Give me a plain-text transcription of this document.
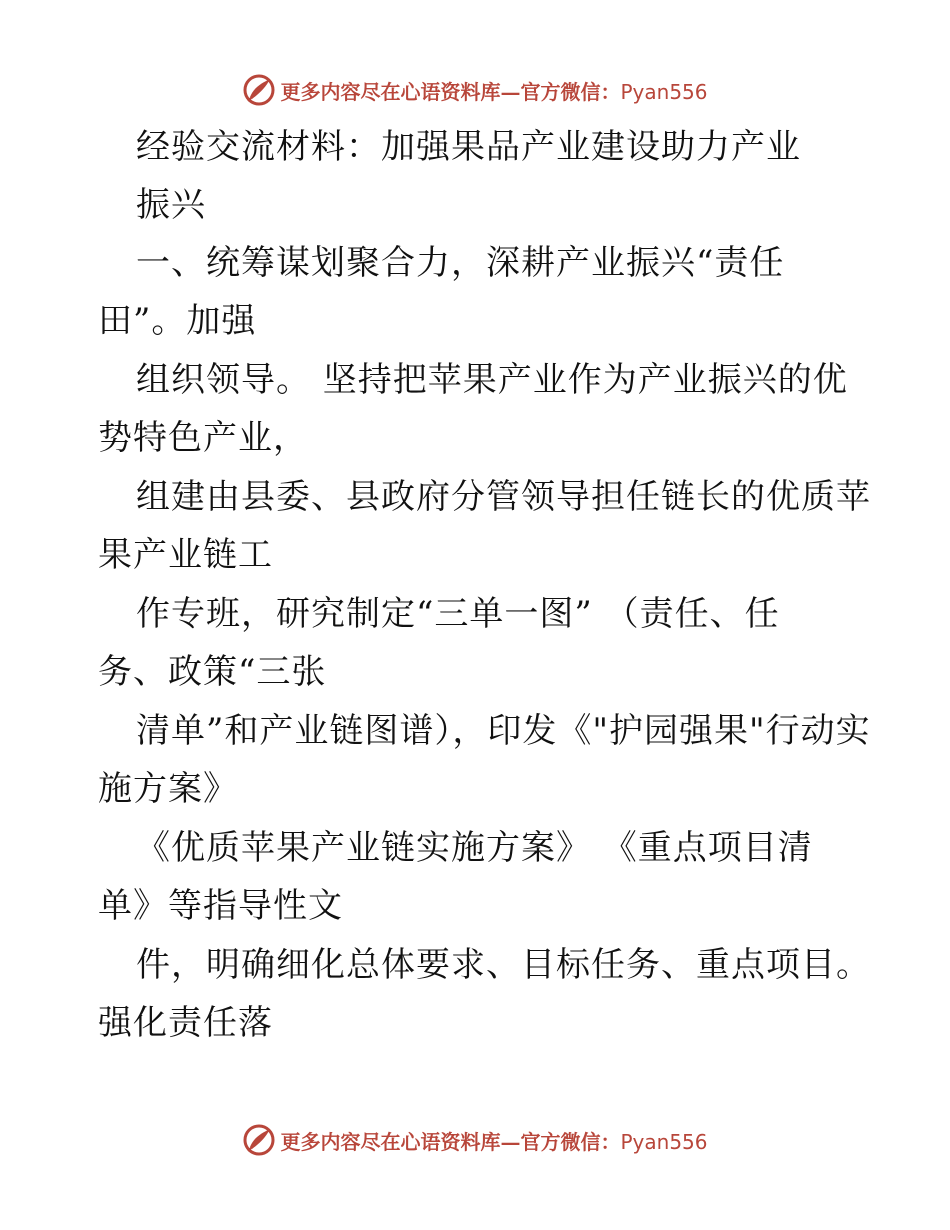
更多内容尽在心语资料库—官方微信：Pyan556
经验交流材料：加强果品产业建设助力产业
振兴
一、统筹谋划聚合力，深耕产业振兴“责任
田”。加强
组织领导。 坚持把苹果产业作为产业振兴的优
势特色产业，
组建由县委、县政府分管领导担任链长的优质苹
果产业链工
作专班，研究制定“三单一图” （责任、任
务、政策“三张
清单”和产业链图谱），印发《"护园强果"行动实
施方案》
《优质苹果产业链实施方案》 《重点项目清
单》等指导性文
件，明确细化总体要求、目标任务、重点项目。
强化责任落
更多内容尽在心语资料库—官方微信：Pyan556
